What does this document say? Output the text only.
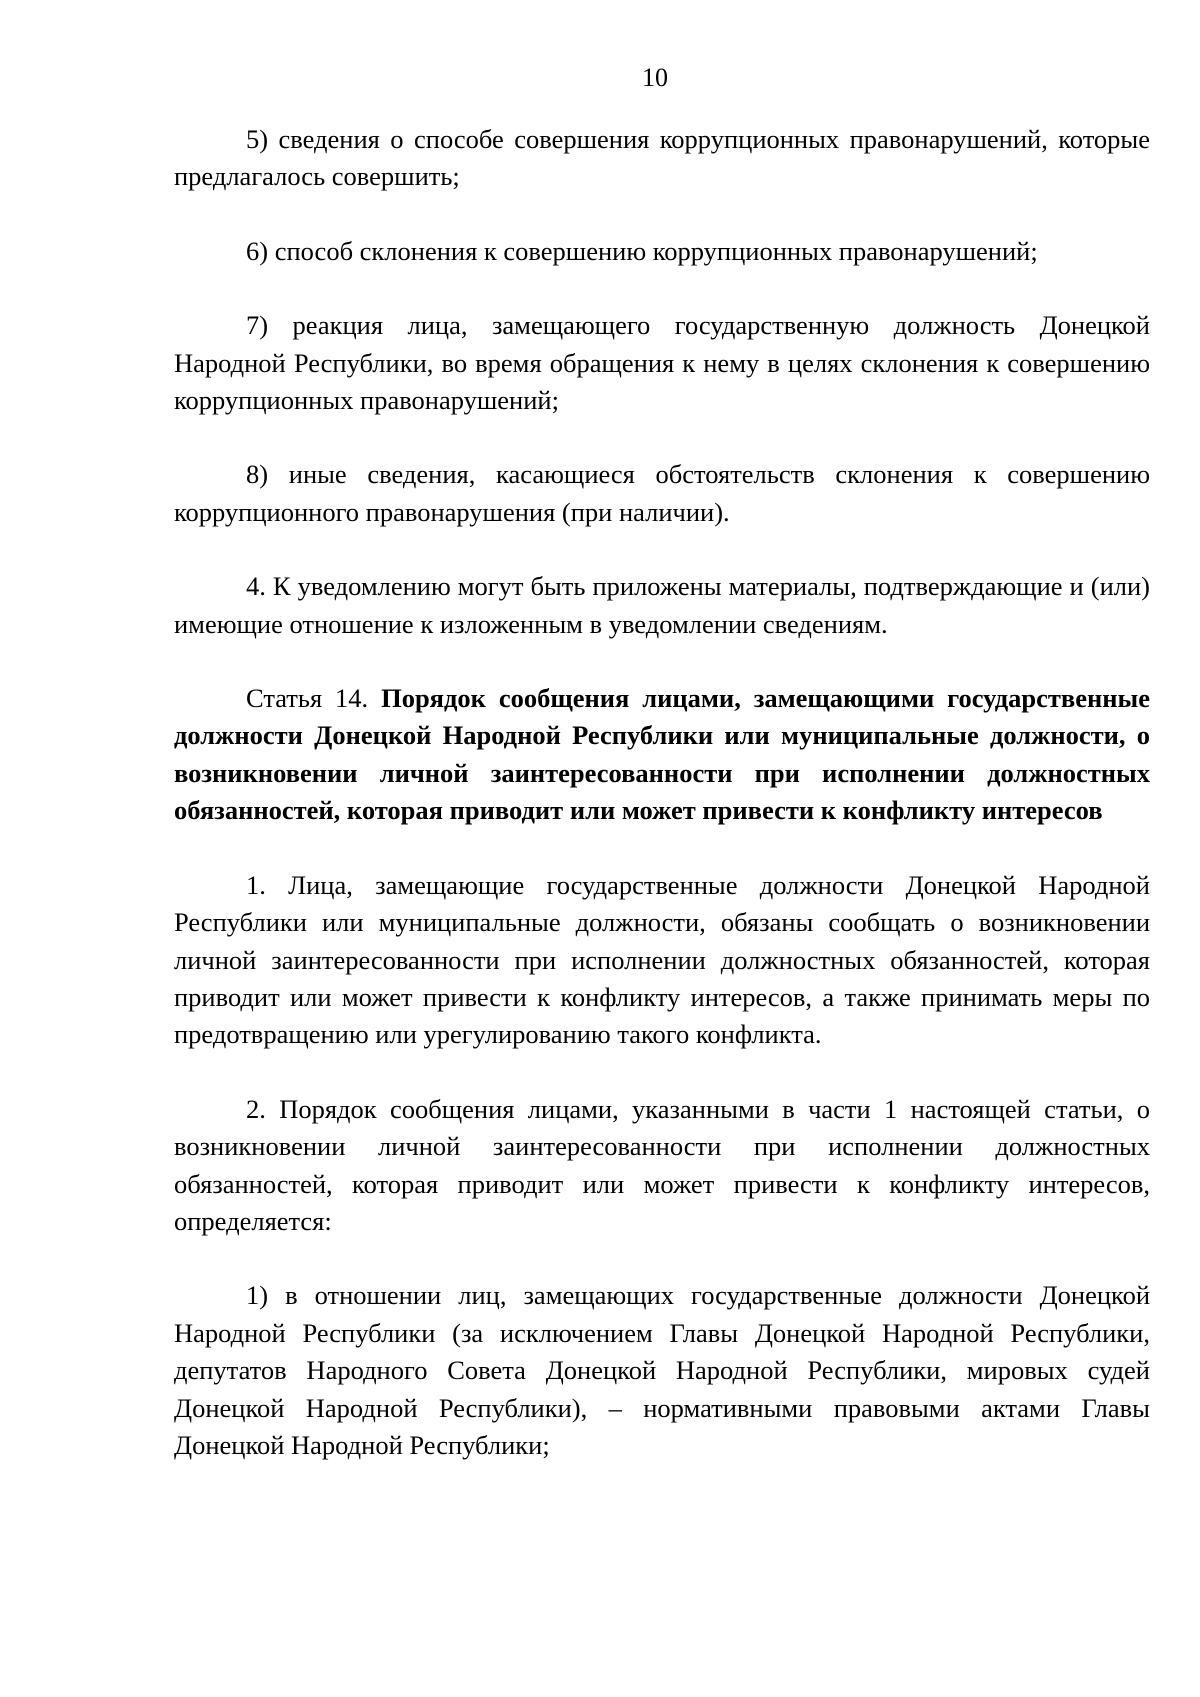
10

5) сведения о способе совершения коррупционных правонарушений, которые предлагалось совершить;

6) способ склонения к совершению коррупционных правонарушений;

7) реакция лица, замещающего государственную должность Донецкой Народной Республики, во время обращения к нему в целях склонения к совершению коррупционных правонарушений;

8) иные сведения, касающиеся обстоятельств склонения к совершению коррупционного правонарушения (при наличии).

4. К уведомлению могут быть приложены материалы, подтверждающие и (или) имеющие отношение к изложенным в уведомлении сведениям.

Статья 14. Порядок сообщения лицами, замещающими государственные должности Донецкой Народной Республики или муниципальные должности, о возникновении личной заинтересованности при исполнении должностных обязанностей, которая приводит или может привести к конфликту интересов

1. Лица, замещающие государственные должности Донецкой Народной Республики или муниципальные должности, обязаны сообщать о возникновении личной заинтересованности при исполнении должностных обязанностей, которая приводит или может привести к конфликту интересов, а также принимать меры по предотвращению или урегулированию такого конфликта.

2. Порядок сообщения лицами, указанными в части 1 настоящей статьи, о возникновении личной заинтересованности при исполнении должностных обязанностей, которая приводит или может привести к конфликту интересов, определяется:

1) в отношении лиц, замещающих государственные должности Донецкой Народной Республики (за исключением Главы Донецкой Народной Республики, депутатов Народного Совета Донецкой Народной Республики, мировых судей Донецкой Народной Республики), – нормативными правовыми актами Главы Донецкой Народной Республики;
